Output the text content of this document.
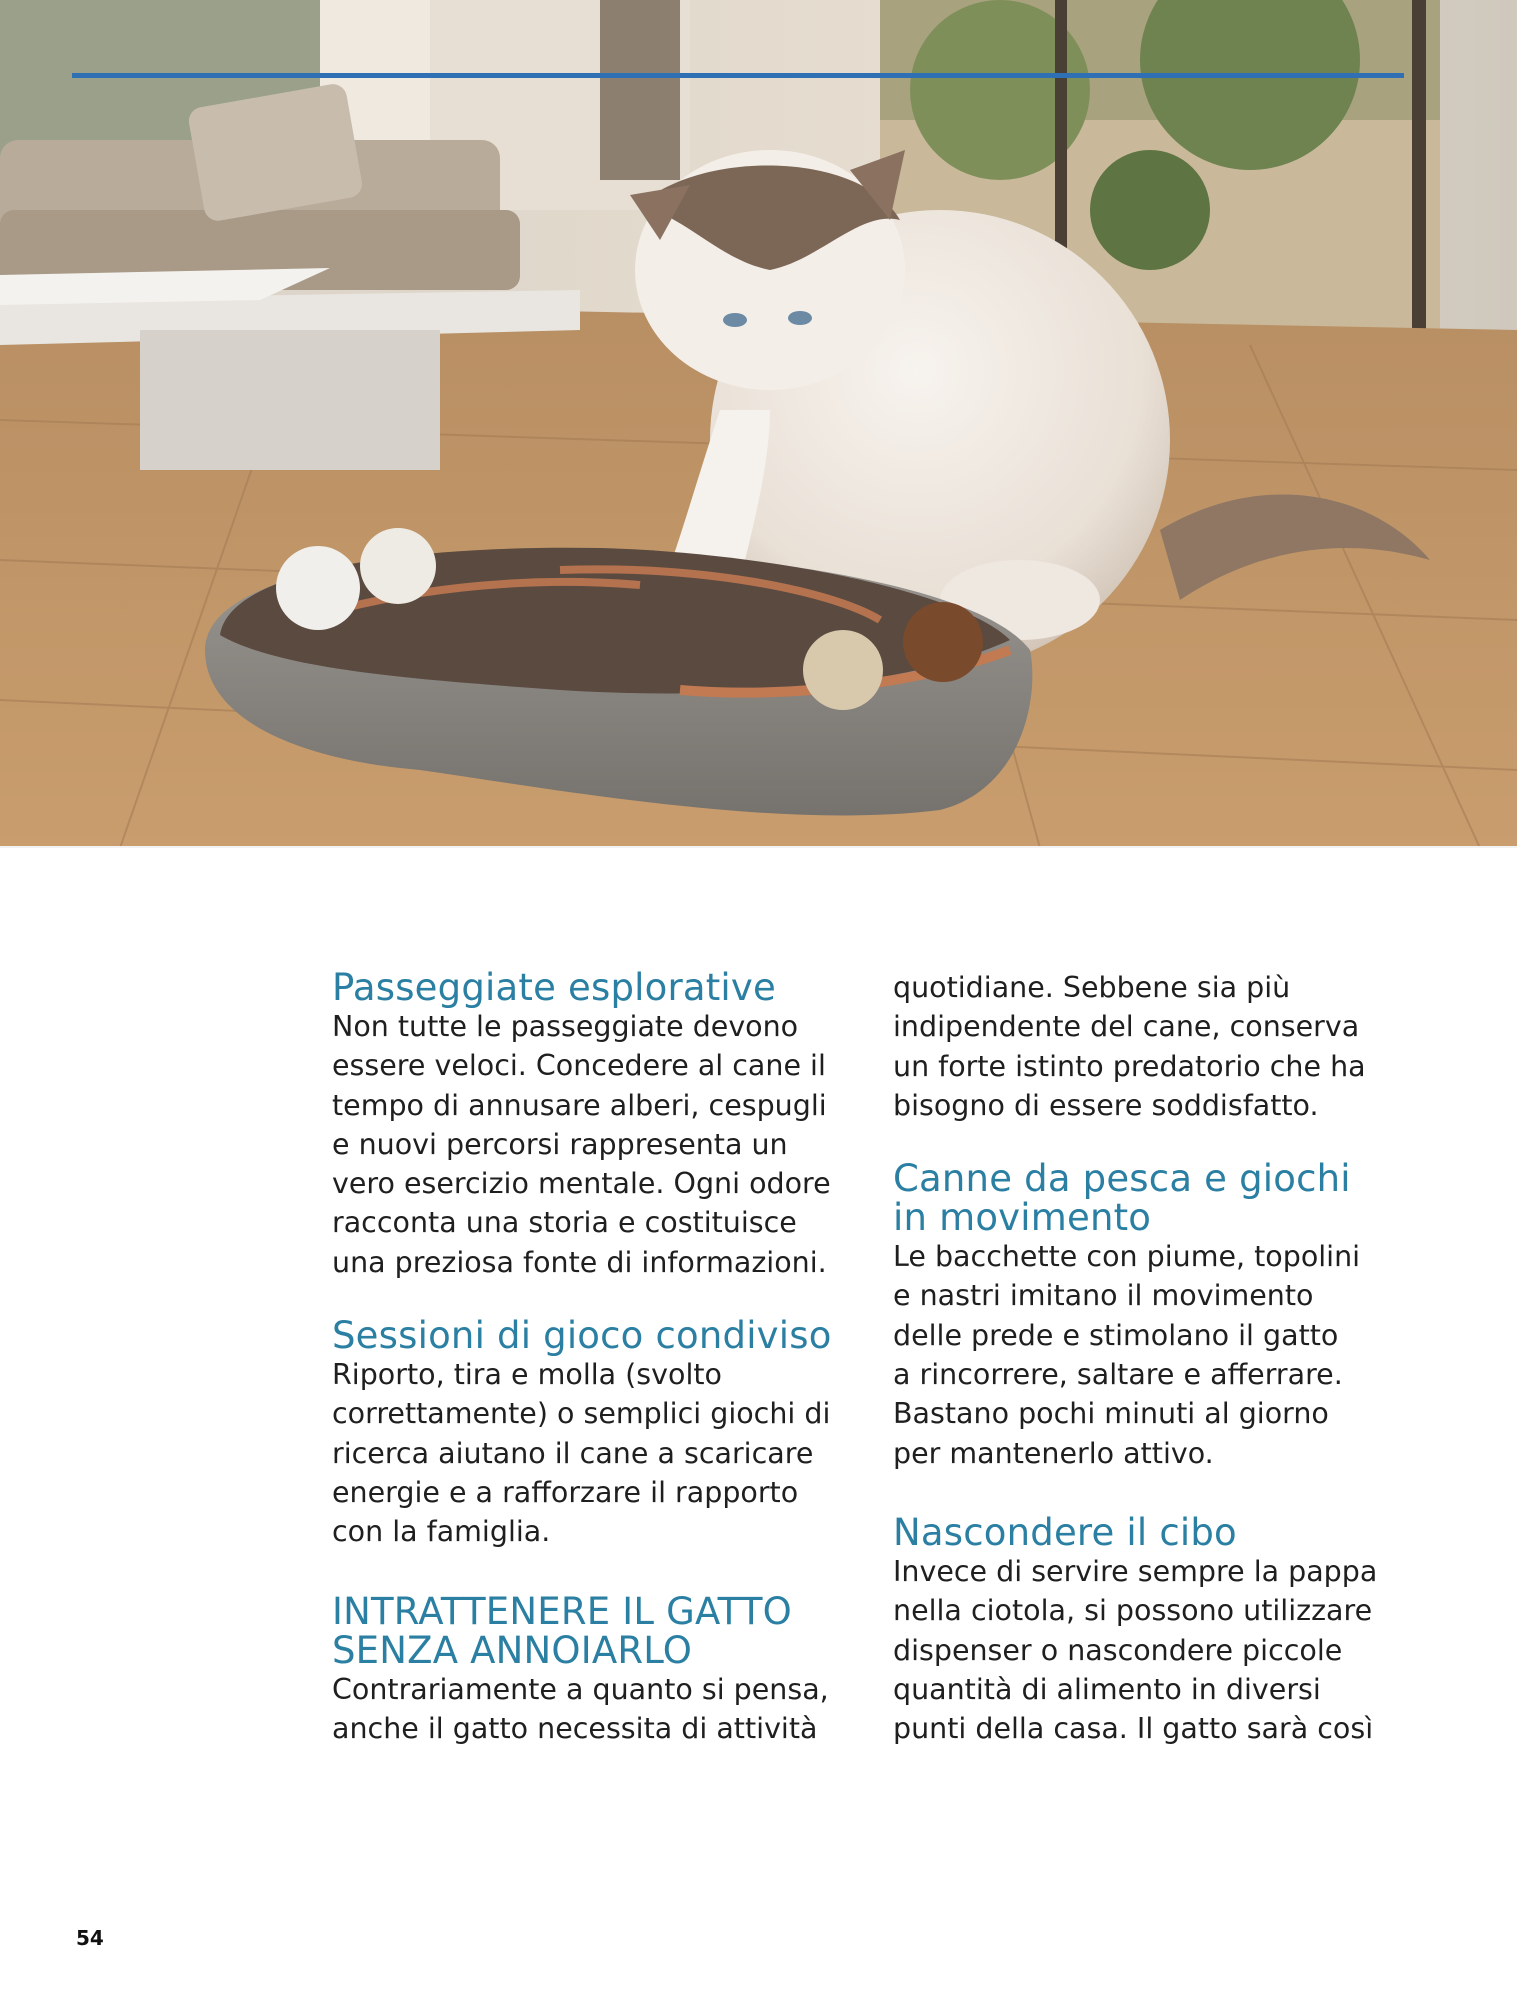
Passeggiate esplorative

Non tutte le passeggiate devono

essere veloci. Concedere al cane il

tempo di annusare alberi, cespugli

e nuovi percorsi rappresenta un

vero esercizio mentale. Ogni odore

racconta una storia e costituisce

una preziosa fonte di informazioni.

Sessioni di gioco condiviso

Riporto, tira e molla (svolto

correttamente) o semplici giochi di

ricerca aiutano il cane a scaricare

energie e a rafforzare il rapporto

con la famiglia.

INTRATTENERE IL GATTO
SENZA ANNOIARLO

Contrariamente a quanto si pensa,

anche il gatto necessita di attività

quotidiane. Sebbene sia più

indipendente del cane, conserva

un forte istinto predatorio che ha

bisogno di essere soddisfatto.

Canne da pesca e giochi
in movimento

Le bacchette con piume, topolini

e nastri imitano il movimento

delle prede e stimolano il gatto

a rincorrere, saltare e afferrare.

Bastano pochi minuti al giorno

per mantenerlo attivo.

Nascondere il cibo

Invece di servire sempre la pappa

nella ciotola, si possono utilizzare

dispenser o nascondere piccole

quantità di alimento in diversi

punti della casa. Il gatto sarà così

54
